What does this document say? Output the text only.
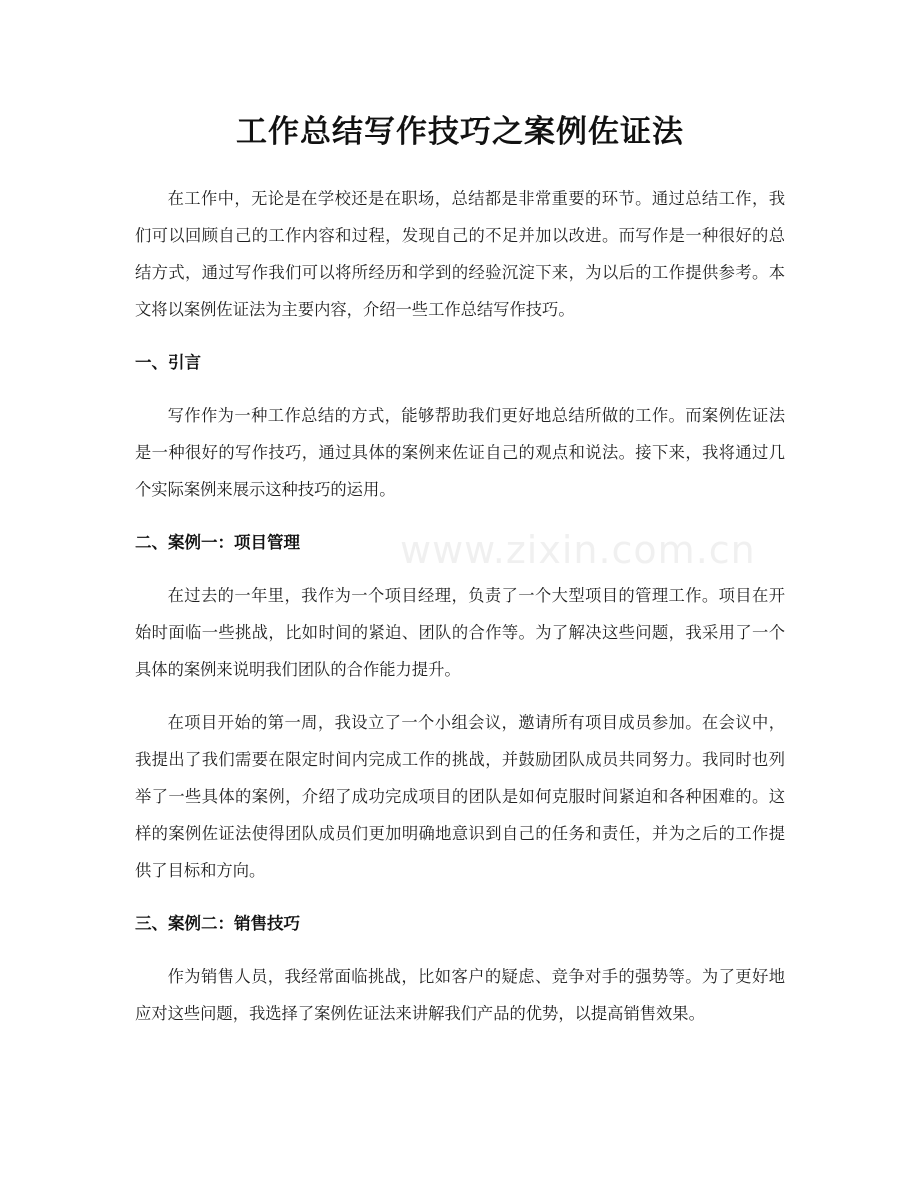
工作总结写作技巧之案例佐证法
www.zixin.com.cn

在工作中，无论是在学校还是在职场，总结都是非常重要的环节。通过总结工作，我们可以回顾自己的工作内容和过程，发现自己的不足并加以改进。而写作是一种很好的总结方式，通过写作我们可以将所经历和学到的经验沉淀下来，为以后的工作提供参考。本文将以案例佐证法为主要内容，介绍一些工作总结写作技巧。

一、引言

写作作为一种工作总结的方式，能够帮助我们更好地总结所做的工作。而案例佐证法是一种很好的写作技巧，通过具体的案例来佐证自己的观点和说法。接下来，我将通过几个实际案例来展示这种技巧的运用。

二、案例一：项目管理

在过去的一年里，我作为一个项目经理，负责了一个大型项目的管理工作。项目在开始时面临一些挑战，比如时间的紧迫、团队的合作等。为了解决这些问题，我采用了一个具体的案例来说明我们团队的合作能力提升。

在项目开始的第一周，我设立了一个小组会议，邀请所有项目成员参加。在会议中，我提出了我们需要在限定时间内完成工作的挑战，并鼓励团队成员共同努力。我同时也列举了一些具体的案例，介绍了成功完成项目的团队是如何克服时间紧迫和各种困难的。这样的案例佐证法使得团队成员们更加明确地意识到自己的任务和责任，并为之后的工作提供了目标和方向。

三、案例二：销售技巧

作为销售人员，我经常面临挑战，比如客户的疑虑、竞争对手的强势等。为了更好地应对这些问题，我选择了案例佐证法来讲解我们产品的优势，以提高销售效果。
